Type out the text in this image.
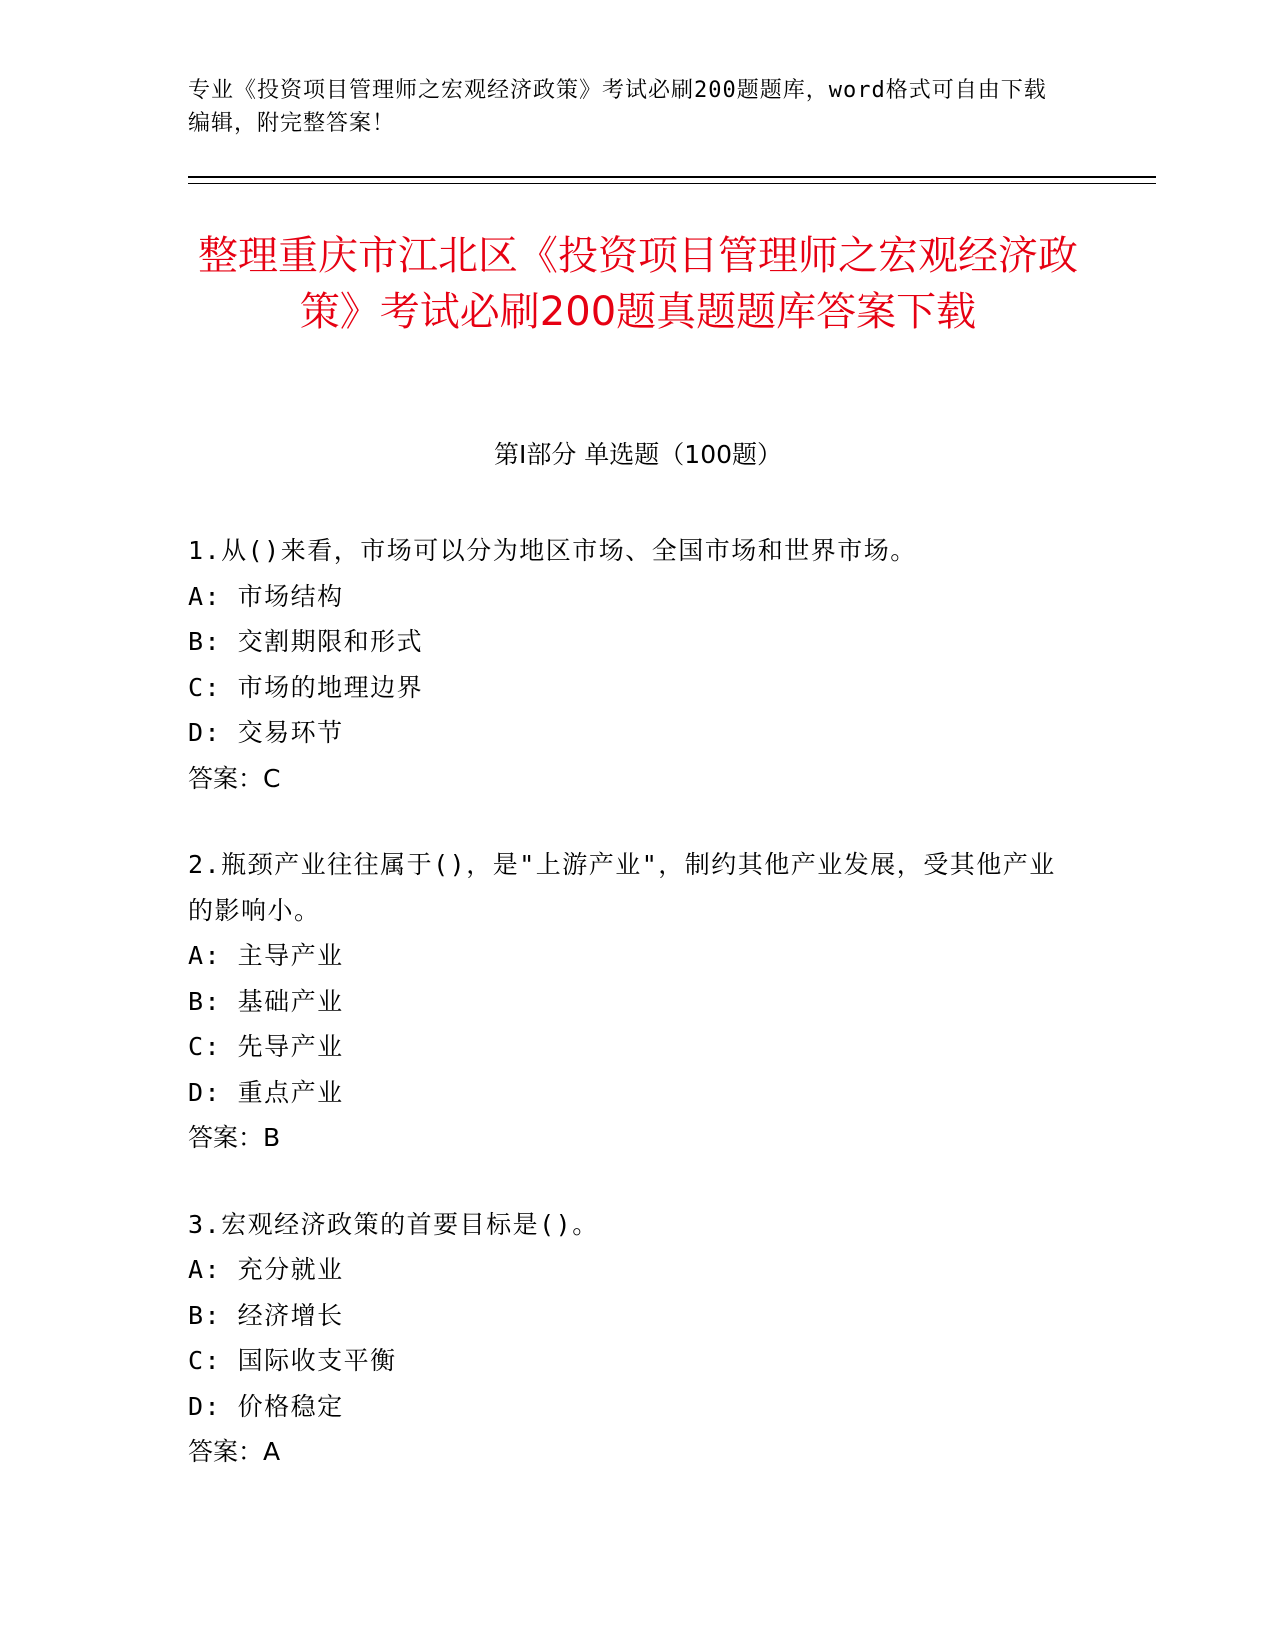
专业《投资项目管理师之宏观经济政策》考试必刷200题题库，word格式可自由下载编辑，附完整答案！
整理重庆市江北区《投资项目管理师之宏观经济政策》考试必刷200题真题题库答案下载
第I部分 单选题（100题）
1.从()来看，市场可以分为地区市场、全国市场和世界市场。
A: 市场结构
B: 交割期限和形式
C: 市场的地理边界
D: 交易环节
答案：C
2.瓶颈产业往往属于()，是"上游产业"，制约其他产业发展，受其他产业的影响小。
A: 主导产业
B: 基础产业
C: 先导产业
D: 重点产业
答案：B
3.宏观经济政策的首要目标是()。
A: 充分就业
B: 经济增长
C: 国际收支平衡
D: 价格稳定
答案：A
